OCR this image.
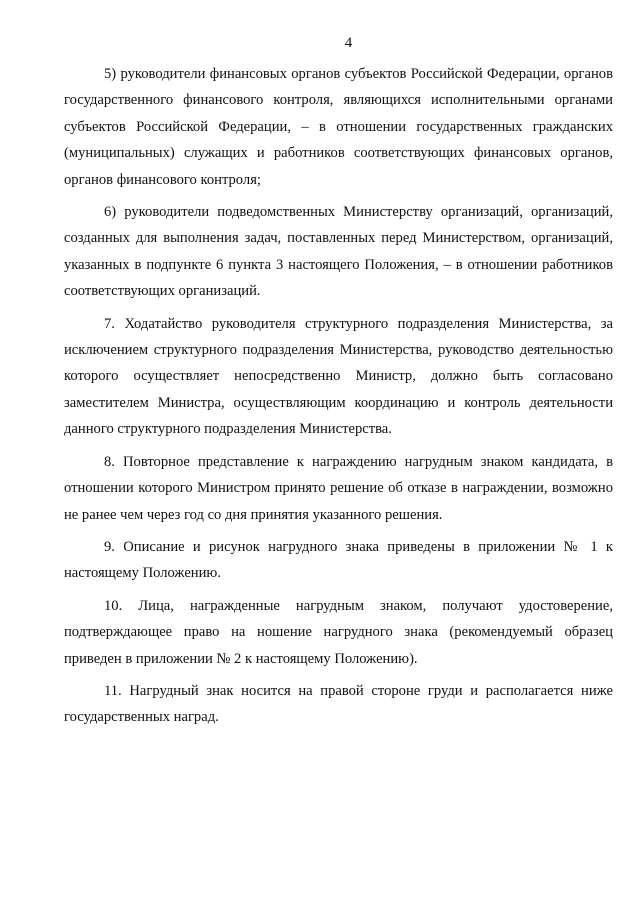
4

5) руководители финансовых органов субъектов Российской Федерации, органов государственного финансового контроля, являющихся исполнительными органами субъектов Российской Федерации, – в отношении государственных гражданских (муниципальных) служащих и работников соответствующих финансовых органов, органов финансового контроля;

6) руководители подведомственных Министерству организаций, организаций, созданных для выполнения задач, поставленных перед Министерством, организаций, указанных в подпункте 6 пункта 3 настоящего Положения, – в отношении работников соответствующих организаций.

7. Ходатайство руководителя структурного подразделения Министерства, за исключением структурного подразделения Министерства, руководство деятельностью которого осуществляет непосредственно Министр, должно быть согласовано заместителем Министра, осуществляющим координацию и контроль деятельности данного структурного подразделения Министерства.

8. Повторное представление к награждению нагрудным знаком кандидата, в отношении которого Министром принято решение об отказе в награждении, возможно не ранее чем через год со дня принятия указанного решения.

9. Описание и рисунок нагрудного знака приведены в приложении № 1 к настоящему Положению.

10. Лица, награжденные нагрудным знаком, получают удостоверение, подтверждающее право на ношение нагрудного знака (рекомендуемый образец приведен в приложении № 2 к настоящему Положению).

11. Нагрудный знак носится на правой стороне груди и располагается ниже государственных наград.
